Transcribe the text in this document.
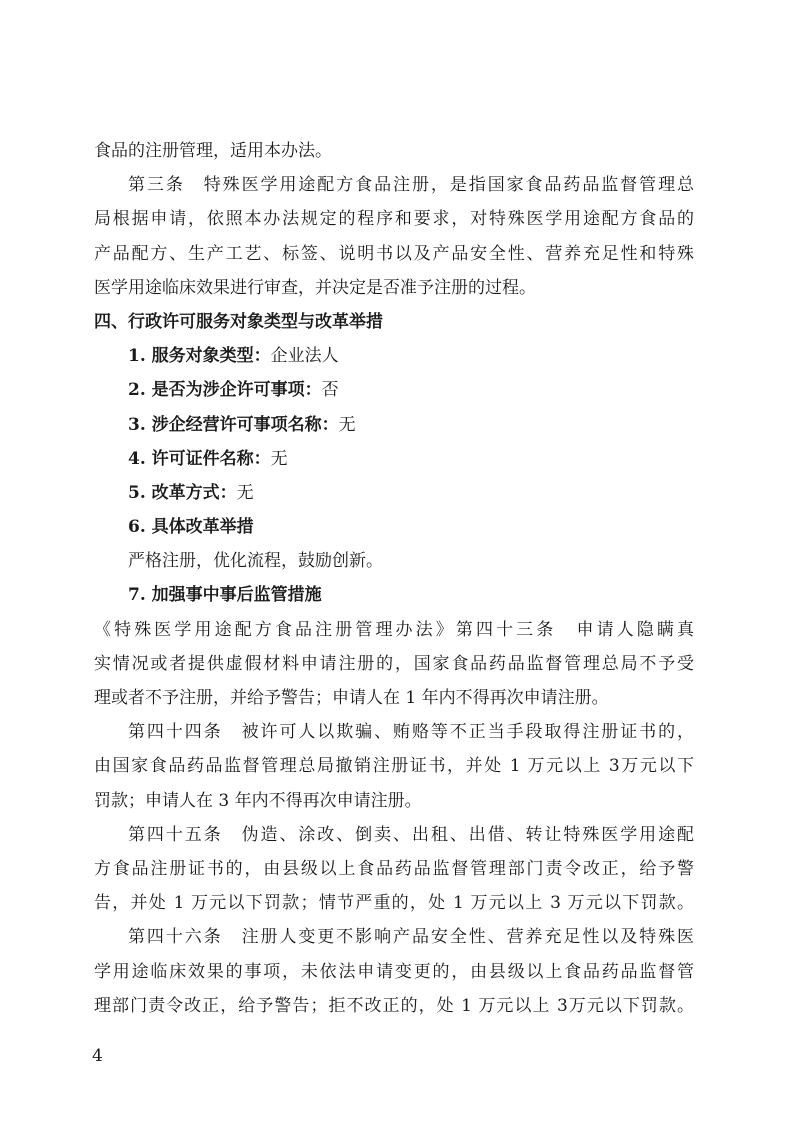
食品的注册管理，适用本办法。
第三条　特殊医学用途配方食品注册，是指国家食品药品监督管理总
局根据申请，依照本办法规定的程序和要求，对特殊医学用途配方食品的
产品配方、生产工艺、标签、说明书以及产品安全性、营养充足性和特殊
医学用途临床效果进行审查，并决定是否准予注册的过程。
四、行政许可服务对象类型与改革举措
1. 服务对象类型：企业法人
2. 是否为涉企许可事项：否
3. 涉企经营许可事项名称：无
4. 许可证件名称：无
5. 改革方式：无
6. 具体改革举措
严格注册，优化流程，鼓励创新。
7. 加强事中事后监管措施
《特殊医学用途配方食品注册管理办法》第四十三条　申请人隐瞒真
实情况或者提供虚假材料申请注册的，国家食品药品监督管理总局不予受
理或者不予注册，并给予警告；申请人在 1 年内不得再次申请注册。
第四十四条　被许可人以欺骗、贿赂等不正当手段取得注册证书的，
由国家食品药品监督管理总局撤销注册证书，并处 1 万元以上 3万元以下
罚款；申请人在 3 年内不得再次申请注册。
第四十五条　伪造、涂改、倒卖、出租、出借、转让特殊医学用途配
方食品注册证书的，由县级以上食品药品监督管理部门责令改正，给予警
告，并处 1 万元以下罚款；情节严重的，处 1 万元以上 3 万元以下罚款。
第四十六条　注册人变更不影响产品安全性、营养充足性以及特殊医
学用途临床效果的事项，未依法申请变更的，由县级以上食品药品监督管
理部门责令改正，给予警告；拒不改正的，处 1 万元以上 3万元以下罚款。
4
